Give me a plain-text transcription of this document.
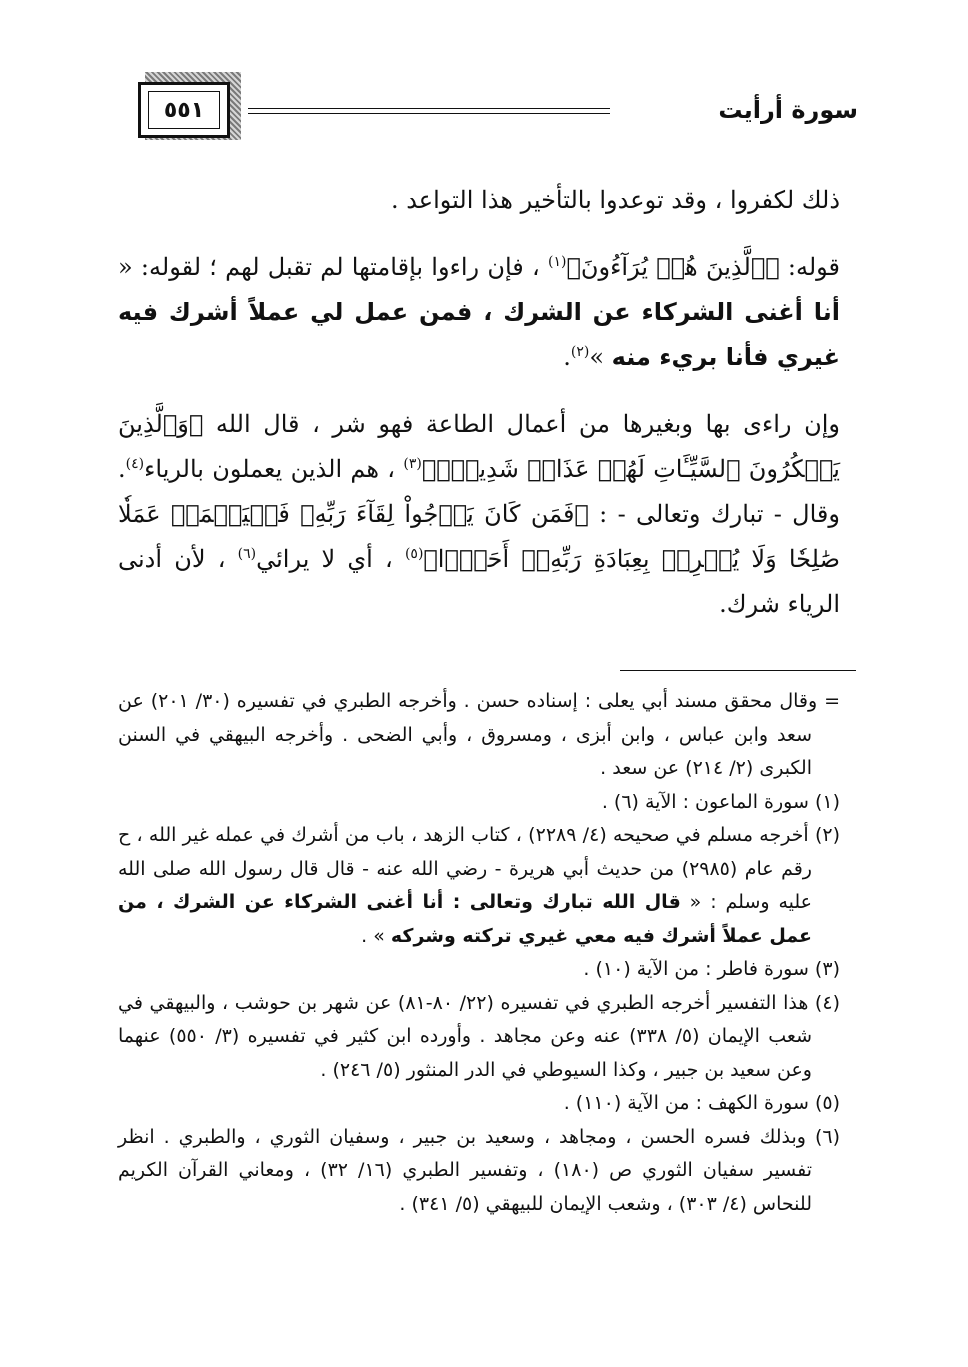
٥٥١	سورة أرأيت

ذلك لكفروا ، وقد توعدوا بالتأخير هذا التواعد .

قوله: ﴿ٱلَّذِينَ هُمۡ يُرَآءُونَ﴾$^{(١)}$ ، فإن راءوا بإقامتها لم تقبل لهم ؛ لقوله: « أنا أغنى الشركاء عن الشرك ، فمن عمل لي عملاً أشرك فيه غيري فأنا بريء منه »$^{(٢)}$.

وإن راءى بها وبغيرها من أعمال الطاعة فهو شر ، قال الله ﴿وَٱلَّذِينَ يَمۡكُرُونَ ٱلسَّيِّـَٔاتِ لَهُمۡ عَذَابٞ شَدِيدٞۖ﴾$^{(٣)}$ ، هم الذين يعملون بالرياء$^{(٤)}$. وقال - تبارك وتعالى - : ﴿فَمَن كَانَ يَرۡجُواْ لِقَآءَ رَبِّهِۦ فَلۡيَعۡمَلۡ عَمَلٗا صَٰلِحٗا وَلَا يُشۡرِكۡ بِعِبَادَةِ رَبِّهِۦٓ أَحَدَۢا﴾$^{(٥)}$ ، أي لا يرائي$^{(٦)}$ ، لأن أدنى الرياء شرك.

= وقال محقق مسند أبي يعلى : إسناده حسن . وأخرجه الطبري في تفسيره (٣٠/ ٢٠١) عن سعد وابن عباس ، وابن أبزى ، ومسروق ، وأبي الضحى . وأخرجه البيهقي في السنن الكبرى (٢/ ٢١٤) عن سعد .

(١) سورة الماعون : الآية (٦) .

(٢) أخرجه مسلم في صحيحه (٤/ ٢٢٨٩) ، كتاب الزهد ، باب من أشرك في عمله غير الله ، ح رقم عام (٢٩٨٥) من حديث أبي هريرة - رضي الله عنه - قال قال رسول الله صلى الله عليه وسلم : « قال الله تبارك وتعالى : أنا أغنى الشركاء عن الشرك ، من عمل عملاً أشرك فيه معي غيري تركته وشركه » .

(٣) سورة فاطر : من الآية (١٠) .

(٤) هذا التفسير أخرجه الطبري في تفسيره (٢٢/ ٨٠-٨١) عن شهر بن حوشب ، والبيهقي في شعب الإيمان (٥/ ٣٣٨) عنه وعن مجاهد . وأورده ابن كثير في تفسيره (٣/ ٥٥٠) عنهما وعن سعيد بن جبير ، وكذا السيوطي في الدر المنثور (٥/ ٢٤٦) .

(٥) سورة الكهف : من الآية (١١٠) .

(٦) وبذلك فسره الحسن ، ومجاهد ، وسعيد بن جبير ، وسفيان الثوري ، والطبري . انظر تفسير سفيان الثوري ص (١٨٠) ، وتفسير الطبري (١٦/ ٣٢) ، ومعاني القرآن الكريم للنحاس (٤/ ٣٠٣) ، وشعب الإيمان للبيهقي (٥/ ٣٤١) .
